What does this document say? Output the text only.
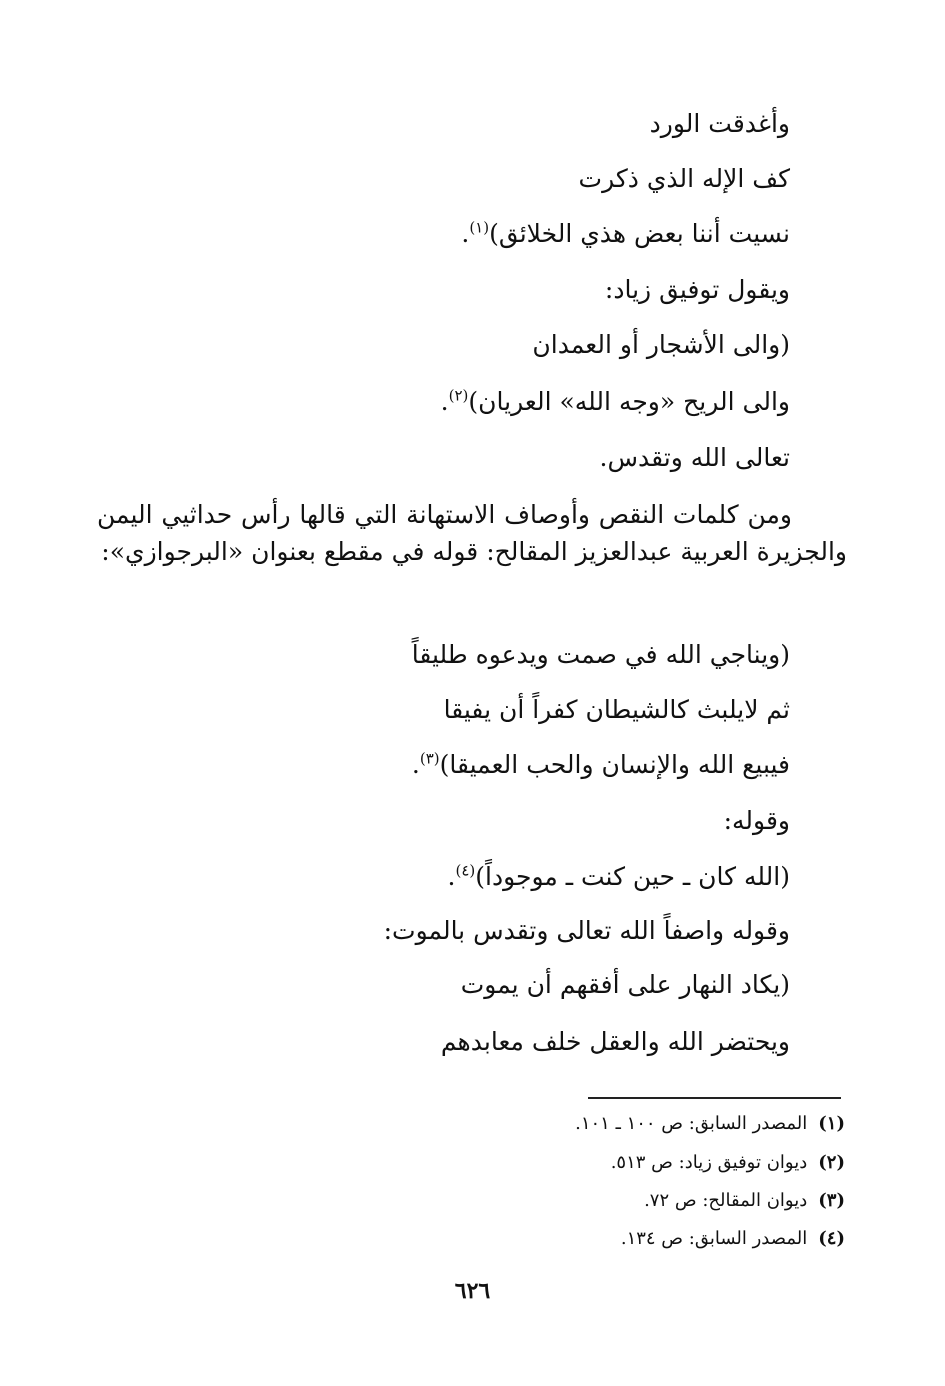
وأغدقت الورد
كف الإله الذي ذكرت
نسيت أننا بعض هذي الخلائق)$^{(١)}$.
ويقول توفيق زياد:
(والى الأشجار أو العمدان
والى الريح «وجه الله» العريان)$^{(٢)}$.
تعالى الله وتقدس.
ومن كلمات النقص وأوصاف الاستهانة التي قالها رأس حداثيي اليمن والجزيرة العربية عبدالعزيز المقالح: قوله في مقطع بعنوان «البرجوازي»:
(ويناجي الله في صمت ويدعوه طليقاً
ثم لايلبث كالشيطان كفراً أن يفيقا
فيبيع الله والإنسان والحب العميقا)$^{(٣)}$.
وقوله:
(الله كان ـ حين كنت ـ موجوداً)$^{(٤)}$.
وقوله واصفاً الله تعالى وتقدس بالموت:
(يكاد النهار على أفقهم أن يموت
ويحتضر الله والعقل خلف معابدهم
(١) المصدر السابق: ص ١٠٠ ـ ١٠١.
(٢) ديوان توفيق زياد: ص ٥١٣.
(٣) ديوان المقالح: ص ٧٢.
(٤) المصدر السابق: ص ١٣٤.
٦٢٦
